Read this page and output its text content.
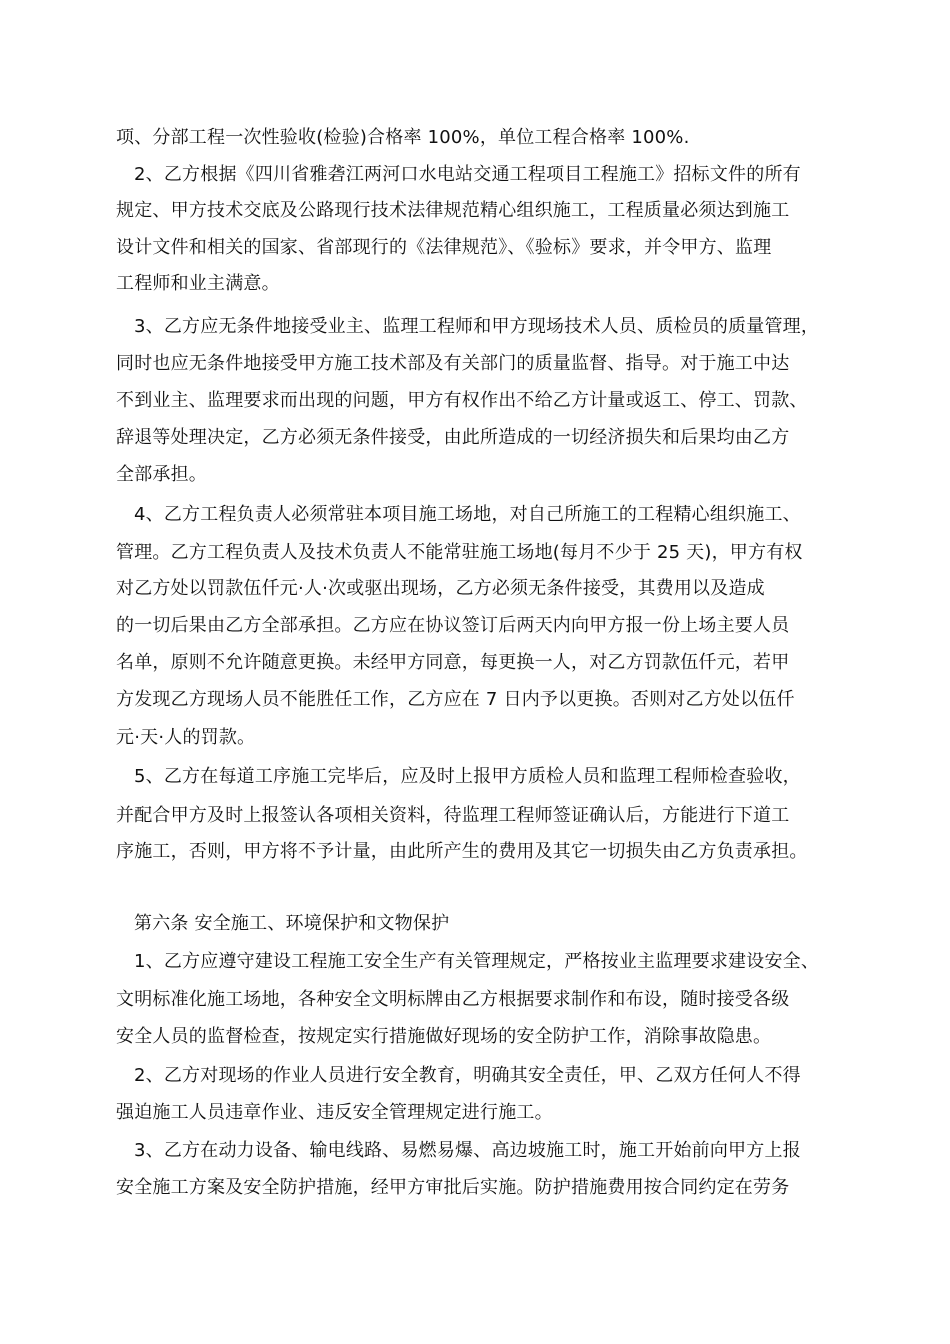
项、分部工程一次性验收(检验)合格率 100%，单位工程合格率 100%.
2、乙方根据《四川省雅砻江两河口水电站交通工程项目工程施工》招标文件的所有
规定、甲方技术交底及公路现行技术法律规范精心组织施工，工程质量必须达到施工
设计文件和相关的国家、省部现行的《法律规范》、《验标》要求，并令甲方、监理
工程师和业主满意。
3、乙方应无条件地接受业主、监理工程师和甲方现场技术人员、质检员的质量管理，
同时也应无条件地接受甲方施工技术部及有关部门的质量监督、指导。对于施工中达
不到业主、监理要求而出现的问题，甲方有权作出不给乙方计量或返工、停工、罚款、
辞退等处理决定，乙方必须无条件接受，由此所造成的一切经济损失和后果均由乙方
全部承担。
4、乙方工程负责人必须常驻本项目施工场地，对自己所施工的工程精心组织施工、
管理。乙方工程负责人及技术负责人不能常驻施工场地(每月不少于 25 天)，甲方有权
对乙方处以罚款伍仟元·人·次或驱出现场，乙方必须无条件接受，其费用以及造成
的一切后果由乙方全部承担。乙方应在协议签订后两天内向甲方报一份上场主要人员
名单，原则不允许随意更换。未经甲方同意，每更换一人，对乙方罚款伍仟元，若甲
方发现乙方现场人员不能胜任工作，乙方应在 7 日内予以更换。否则对乙方处以伍仟
元·天·人的罚款。
5、乙方在每道工序施工完毕后，应及时上报甲方质检人员和监理工程师检查验收，
并配合甲方及时上报签认各项相关资料，待监理工程师签证确认后，方能进行下道工
序施工，否则，甲方将不予计量，由此所产生的费用及其它一切损失由乙方负责承担。
第六条 安全施工、环境保护和文物保护
1、乙方应遵守建设工程施工安全生产有关管理规定，严格按业主监理要求建设安全、
文明标准化施工场地，各种安全文明标牌由乙方根据要求制作和布设，随时接受各级
安全人员的监督检查，按规定实行措施做好现场的安全防护工作，消除事故隐患。
2、乙方对现场的作业人员进行安全教育，明确其安全责任，甲、乙双方任何人不得
强迫施工人员违章作业、违反安全管理规定进行施工。
3、乙方在动力设备、输电线路、易燃易爆、高边坡施工时，施工开始前向甲方上报
安全施工方案及安全防护措施，经甲方审批后实施。防护措施费用按合同约定在劳务
